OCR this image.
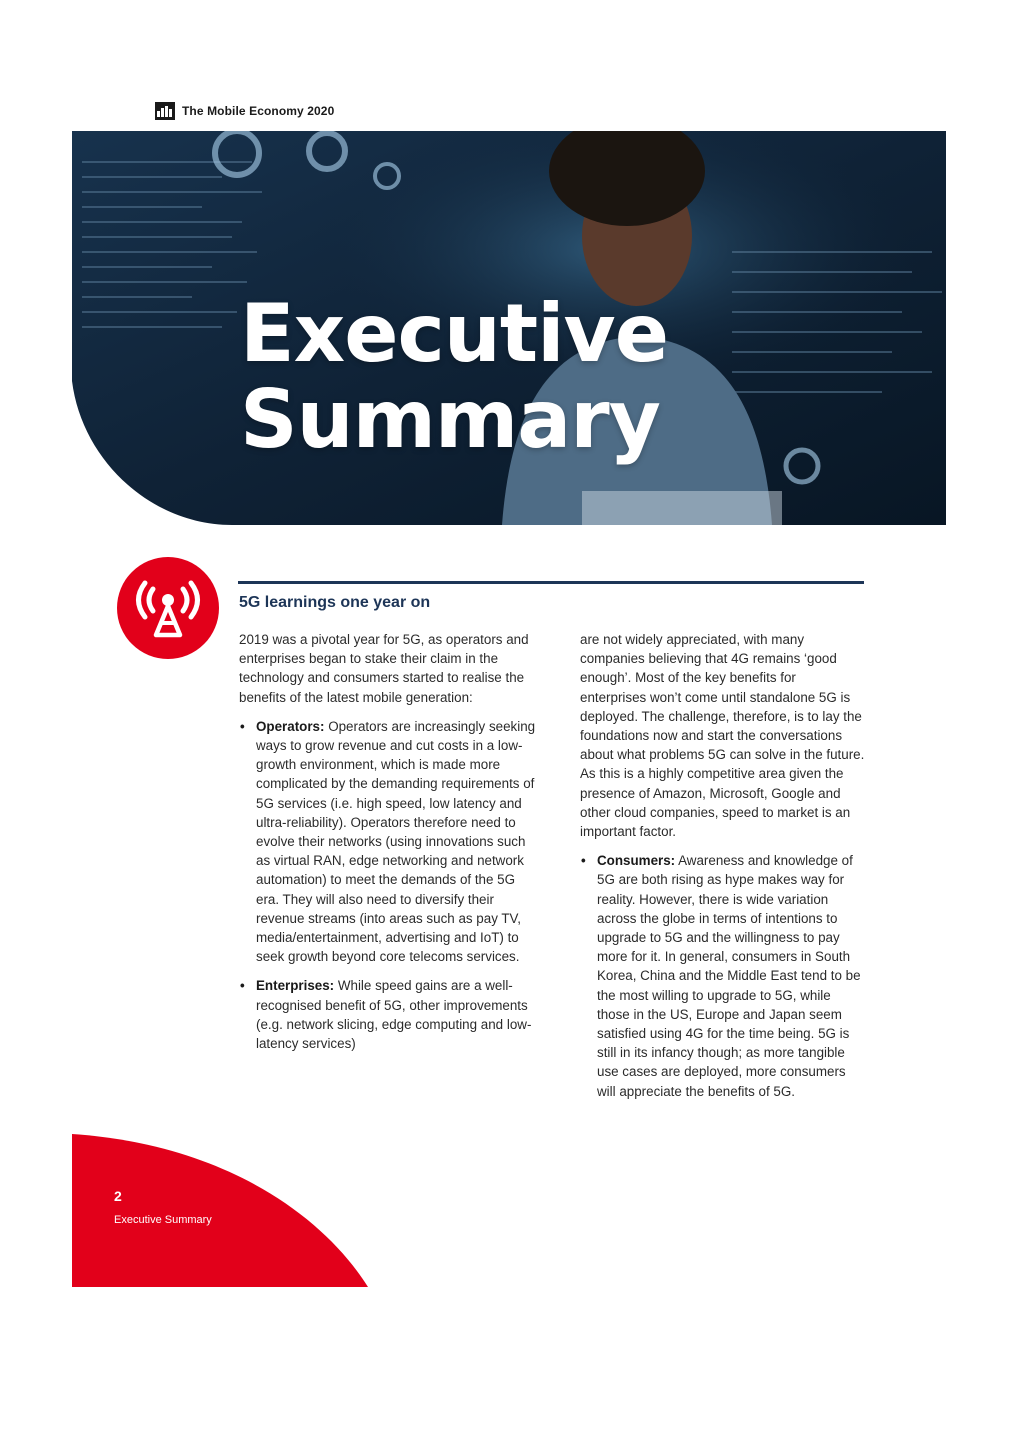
The Mobile Economy 2020
Executive
Summary
5G learnings one year on

2019 was a pivotal year for 5G, as operators and enterprises began to stake their claim in the technology and consumers started to realise the benefits of the latest mobile generation:

• Operators: Operators are increasingly seeking ways to grow revenue and cut costs in a low-growth environment, which is made more complicated by the demanding requirements of 5G services (i.e. high speed, low latency and ultra-reliability). Operators therefore need to evolve their networks (using innovations such as virtual RAN, edge networking and network automation) to meet the demands of the 5G era. They will also need to diversify their revenue streams (into areas such as pay TV, media/entertainment, advertising and IoT) to seek growth beyond core telecoms services.
• Enterprises: While speed gains are a well-recognised benefit of 5G, other improvements (e.g. network slicing, edge computing and low-latency services)

are not widely appreciated, with many companies believing that 4G remains ‘good enough’. Most of the key benefits for enterprises won’t come until standalone 5G is deployed. The challenge, therefore, is to lay the foundations now and start the conversations about what problems 5G can solve in the future. As this is a highly competitive area given the presence of Amazon, Microsoft, Google and other cloud companies, speed to market is an important factor.

• Consumers: Awareness and knowledge of 5G are both rising as hype makes way for reality. However, there is wide variation across the globe in terms of intentions to upgrade to 5G and the willingness to pay more for it. In general, consumers in South Korea, China and the Middle East tend to be the most willing to upgrade to 5G, while those in the US, Europe and Japan seem satisfied using 4G for the time being. 5G is still in its infancy though; as more tangible use cases are deployed, more consumers will appreciate the benefits of 5G.
2
Executive Summary
